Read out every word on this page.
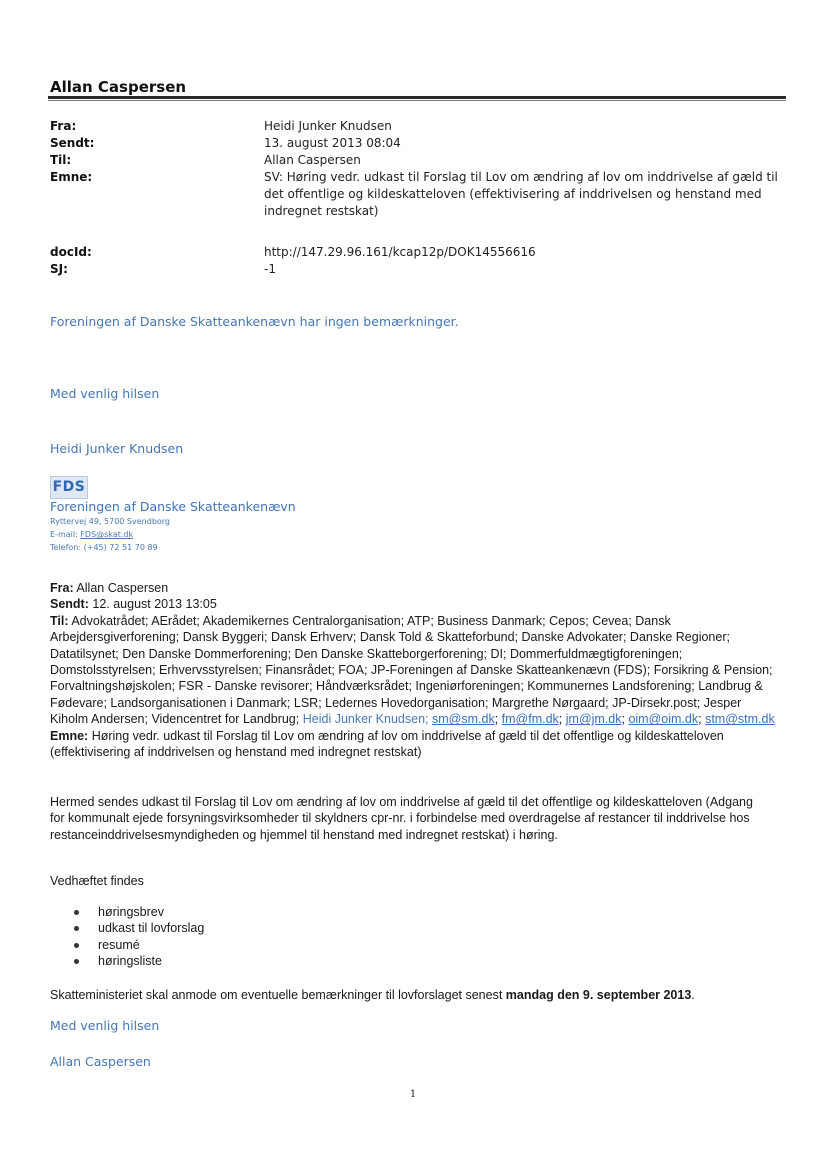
Allan Caspersen
Fra:	Heidi Junker Knudsen
Sendt:	13. august 2013 08:04
Til:	Allan Caspersen
Emne:	SV: Høring vedr. udkast til Forslag til Lov om ændring af lov om inddrivelse af gæld til det offentlige og kildeskatteloven (effektivisering af inddrivelsen og henstand med indregnet restskat)
docId:	http://147.29.96.161/kcap12p/DOK14556616
SJ:	-1

Foreningen af Danske Skatteankenævn har ingen bemærkninger.

Med venlig hilsen

Heidi Junker Knudsen

FDS

Foreningen af Danske Skatteankenævn

Ryttervej 49, 5700 Svendborg

E-mail: FDS@skat.dk

Telefon: (+45) 72 51 70 89

Fra: Allan Caspersen
Sendt: 12. august 2013 13:05
Til: Advokatrådet; AErådet; Akademikernes Centralorganisation; ATP; Business Danmark; Cepos; Cevea; Dansk Arbejdersgiverforening; Dansk Byggeri; Dansk Erhverv; Dansk Told & Skatteforbund; Danske Advokater; Danske Regioner; Datatilsynet; Den Danske Dommerforening; Den Danske Skatteborgerforening; DI; Dommerfuldmægtigforeningen; Domstolsstyrelsen; Erhvervsstyrelsen; Finansrådet; FOA; JP-Foreningen af Danske Skatteankenævn (FDS); Forsikring & Pension; Forvaltningshøjskolen; FSR - Danske revisorer; Håndværksrådet; Ingeniørforeningen; Kommunernes Landsforening; Landbrug & Fødevare; Landsorganisationen i Danmark; LSR; Ledernes Hovedorganisation; Margrethe Nørgaard; JP-Dirsekr.post; Jesper Kiholm Andersen; Videncentret for Landbrug; Heidi Junker Knudsen; sm@sm.dk; fm@fm.dk; jm@jm.dk; oim@oim.dk; stm@stm.dk
Emne: Høring vedr. udkast til Forslag til Lov om ændring af lov om inddrivelse af gæld til det offentlige og kildeskatteloven (effektivisering af inddrivelsen og henstand med indregnet restskat)

Hermed sendes udkast til Forslag til Lov om ændring af lov om inddrivelse af gæld til det offentlige og kildeskatteloven (Adgang for kommunalt ejede forsyningsvirksomheder til skyldners cpr-nr. i forbindelse med overdragelse af restancer til inddrivelse hos restanceinddrivelsesmyndigheden og hjemmel til henstand med indregnet restskat) i høring.

Vedhæftet findes

høringsbrev
udkast til lovforslag
resumé
høringsliste

Skatteministeriet skal anmode om eventuelle bemærkninger til lovforslaget senest mandag den 9. september 2013.

Med venlig hilsen

Allan Caspersen

1
